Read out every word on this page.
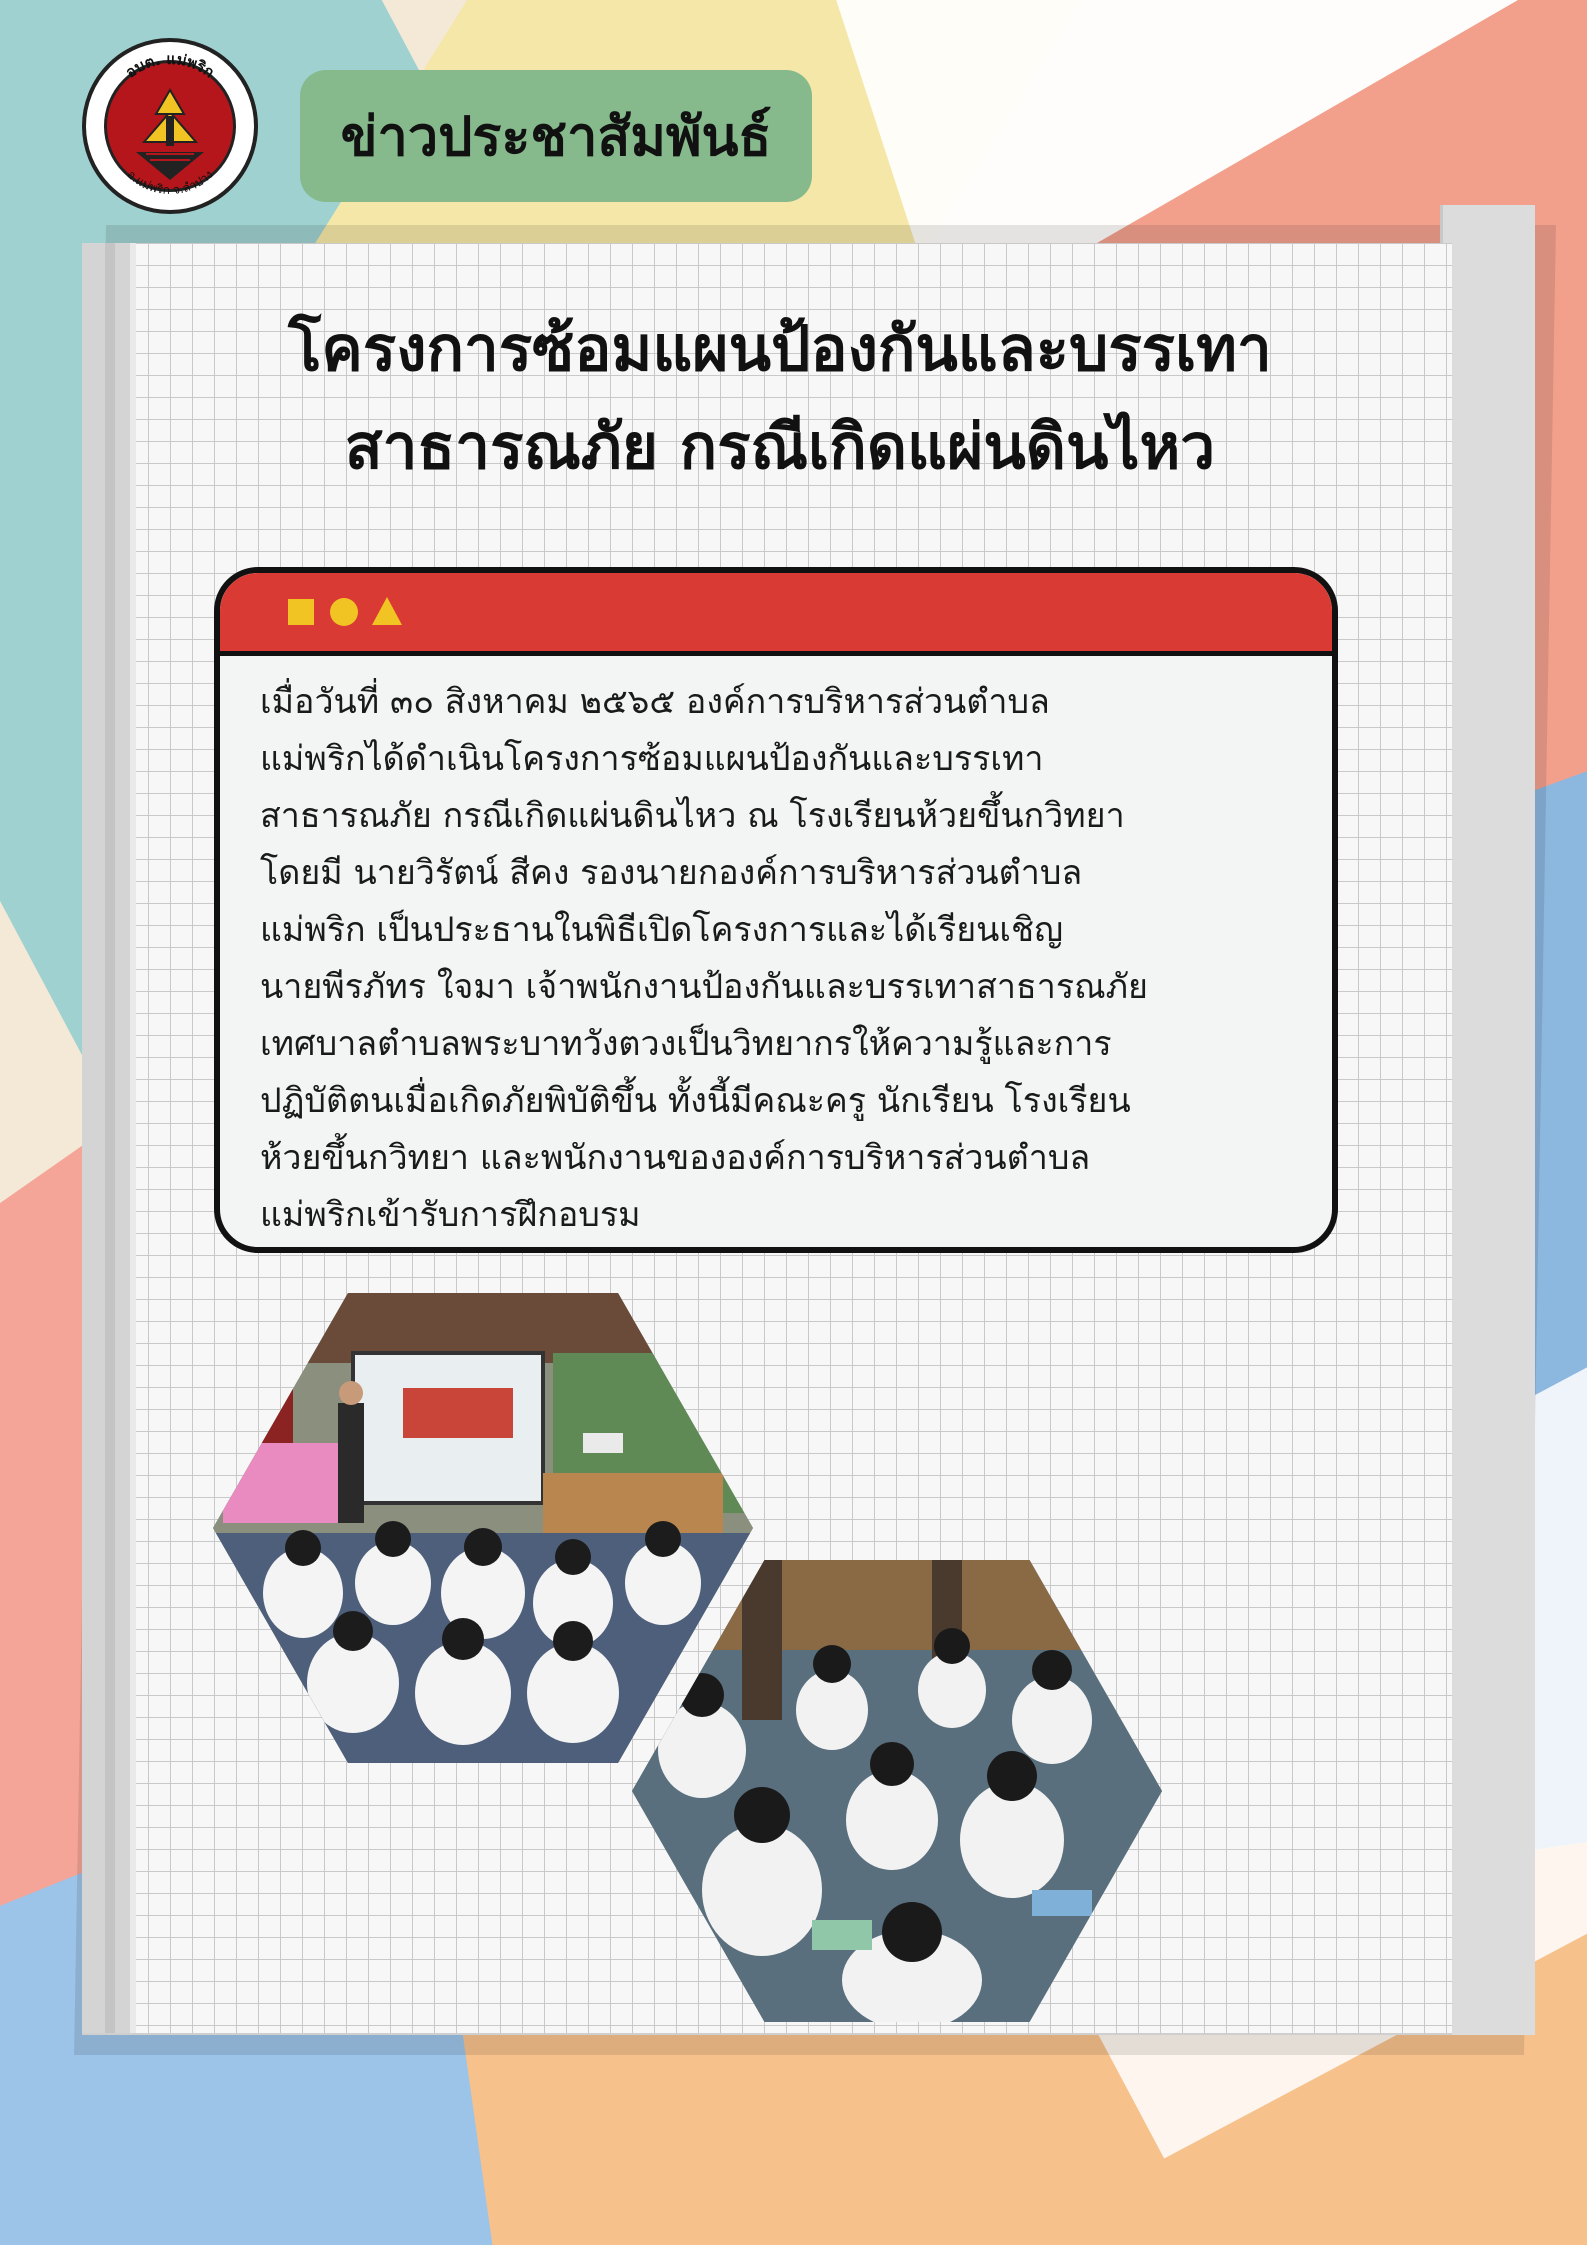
อบต. แม่พริก
อ.แม่พริก จ.ลำปาง
ข่าวประชาสัมพันธ์
โครงการซ้อมแผนป้องกันและบรรเทา
สาธารณภัย กรณีเกิดแผ่นดินไหว
เมื่อวันที่ ๓๐ สิงหาคม ๒๕๖๕ องค์การบริหารส่วนตำบล
แม่พริกได้ดำเนินโครงการซ้อมแผนป้องกันและบรรเทา
สาธารณภัย กรณีเกิดแผ่นดินไหว ณ โรงเรียนห้วยขึ้นกวิทยา
โดยมี นายวิรัตน์ สีคง รองนายกองค์การบริหารส่วนตำบล
แม่พริก เป็นประธานในพิธีเปิดโครงการและได้เรียนเชิญ
นายพีรภัทร ใจมา เจ้าพนักงานป้องกันและบรรเทาสาธารณภัย
เทศบาลตำบลพระบาทวังตวงเป็นวิทยากรให้ความรู้และการ
ปฏิบัติตนเมื่อเกิดภัยพิบัติขึ้น ทั้งนี้มีคณะครู นักเรียน โรงเรียน
ห้วยขึ้นกวิทยา และพนักงานขององค์การบริหารส่วนตำบล
แม่พริกเข้ารับการฝึกอบรม
